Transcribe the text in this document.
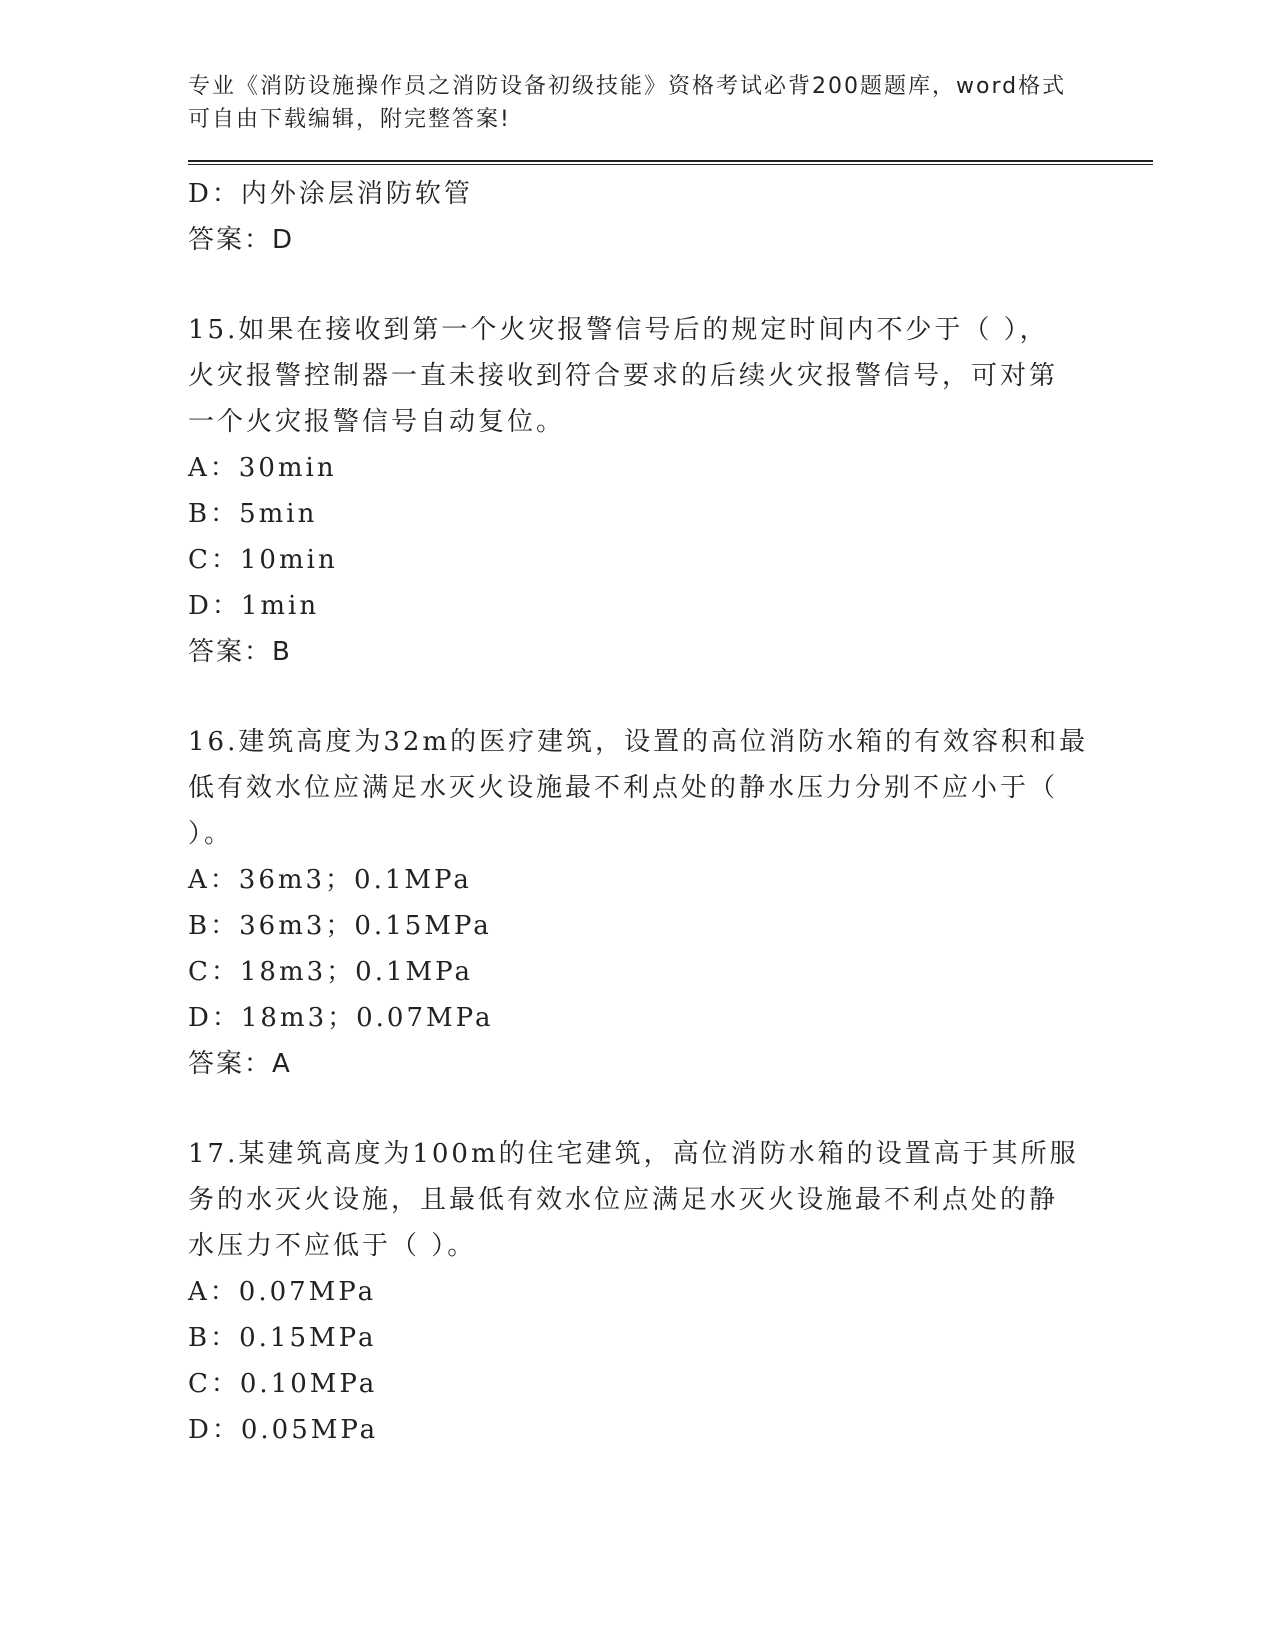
专业《消防设施操作员之消防设备初级技能》资格考试必背200题题库，word格式可自由下载编辑，附完整答案!
D：内外涂层消防软管
答案：D
15.如果在接收到第一个火灾报警信号后的规定时间内不少于（ ），
火灾报警控制器一直未接收到符合要求的后续火灾报警信号，可对第
一个火灾报警信号自动复位。
A：30min
B：5min
C：10min
D：1min
答案：B
16.建筑高度为32m的医疗建筑，设置的高位消防水箱的有效容积和最
低有效水位应满足水灭火设施最不利点处的静水压力分别不应小于（
）。
A：36m3；0.1MPa
B：36m3；0.15MPa
C：18m3；0.1MPa
D：18m3；0.07MPa
答案：A
17.某建筑高度为100m的住宅建筑，高位消防水箱的设置高于其所服
务的水灭火设施，且最低有效水位应满足水灭火设施最不利点处的静
水压力不应低于（ ）。
A：0.07MPa
B：0.15MPa
C：0.10MPa
D：0.05MPa
